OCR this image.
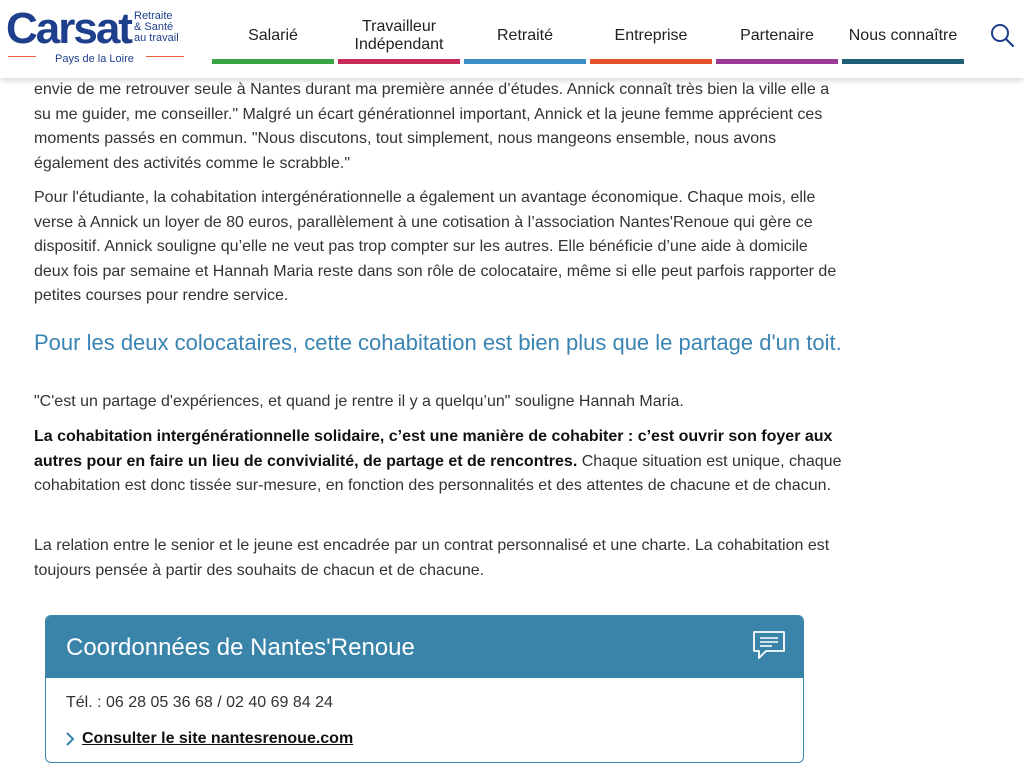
Carsat Retraite
& Santé
au travail
Pays de la Loire
Salarié
Travailleur Indépendant
Retraité	Entreprise	Partenaire Nous connaître

envie de me retrouver seule à Nantes durant ma première année d’études. Annick connaît très bien la ville elle a su me guider, me conseiller." Malgré un écart générationnel important, Annick et la jeune femme apprécient ces moments passés en commun. "Nous discutons, tout simplement, nous mangeons ensemble, nous avons également des activités comme le scrabble."

Pour l'étudiante, la cohabitation intergénérationnelle a également un avantage économique. Chaque mois, elle verse à Annick un loyer de 80 euros, parallèlement à une cotisation à l’association Nantes'Renoue qui gère ce dispositif. Annick souligne qu’elle ne veut pas trop compter sur les autres. Elle bénéficie d’une aide à domicile deux fois par semaine et Hannah Maria reste dans son rôle de colocataire, même si elle peut parfois rapporter de petites courses pour rendre service.

Pour les deux colocataires, cette cohabitation est bien plus que le partage d'un toit.

"C'est un partage d'expériences, et quand je rentre il y a quelqu’un" souligne Hannah Maria.

La cohabitation intergénérationnelle solidaire, c’est une manière de cohabiter : c’est ouvrir son foyer aux autres pour en faire un lieu de convivialité, de partage et de rencontres. Chaque situation est unique, chaque cohabitation est donc tissée sur-mesure, en fonction des personnalités et des attentes de chacune et de chacun.

La relation entre le senior et le jeune est encadrée par un contrat personnalisé et une charte. La cohabitation est toujours pensée à partir des souhaits de chacun et de chacune.

Coordonnées de Nantes'Renoue
Tél. : 06 28 05 36 68 / 02 40 69 84 24
Consulter le site nantesrenoue.com
